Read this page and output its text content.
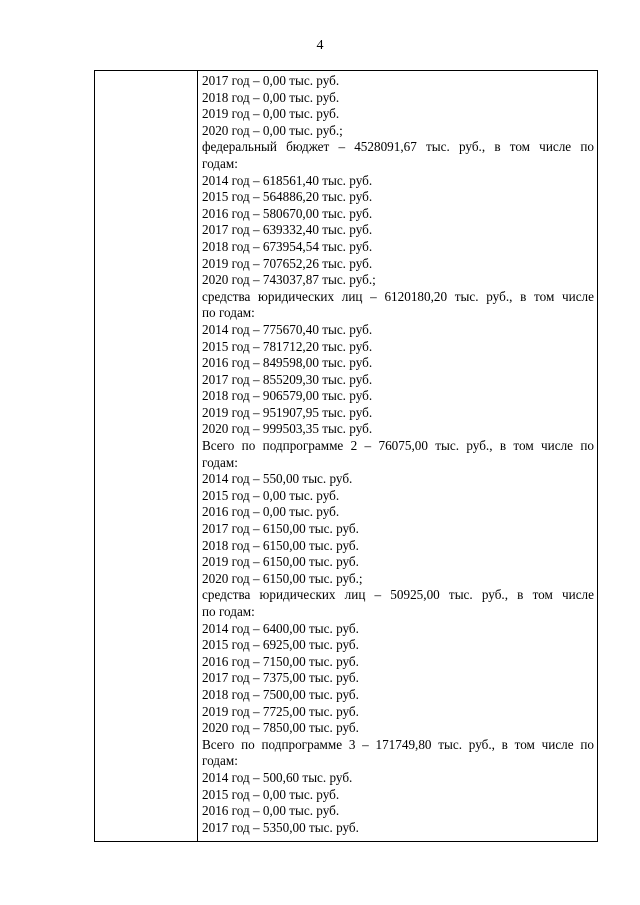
4
2017 год – 0,00 тыс. руб.
2018 год – 0,00 тыс. руб.
2019 год – 0,00 тыс. руб.
2020 год – 0,00 тыс. руб.;
федеральный бюджет – 4528091,67 тыс. руб., в том числе по
годам:
2014 год – 618561,40 тыс. руб.
2015 год – 564886,20 тыс. руб.
2016 год – 580670,00 тыс. руб.
2017 год – 639332,40 тыс. руб.
2018 год – 673954,54 тыс. руб.
2019 год – 707652,26 тыс. руб.
2020 год – 743037,87 тыс. руб.;
средства юридических лиц – 6120180,20 тыс. руб., в том числе
по годам:
2014 год – 775670,40 тыс. руб.
2015 год – 781712,20 тыс. руб.
2016 год – 849598,00 тыс. руб.
2017 год – 855209,30 тыс. руб.
2018 год – 906579,00 тыс. руб.
2019 год – 951907,95 тыс. руб.
2020 год – 999503,35 тыс. руб.
Всего по подпрограмме 2 – 76075,00 тыс. руб., в том числе по
годам:
2014 год – 550,00 тыс. руб.
2015 год – 0,00 тыс. руб.
2016 год – 0,00 тыс. руб.
2017 год – 6150,00 тыс. руб.
2018 год – 6150,00 тыс. руб.
2019 год – 6150,00 тыс. руб.
2020 год – 6150,00 тыс. руб.;
средства юридических лиц – 50925,00 тыс. руб., в том числе
по годам:
2014 год – 6400,00 тыс. руб.
2015 год – 6925,00 тыс. руб.
2016 год – 7150,00 тыс. руб.
2017 год – 7375,00 тыс. руб.
2018 год – 7500,00 тыс. руб.
2019 год – 7725,00 тыс. руб.
2020 год – 7850,00 тыс. руб.
Всего по подпрограмме 3 – 171749,80 тыс. руб., в том числе по
годам:
2014 год – 500,60 тыс. руб.
2015 год – 0,00 тыс. руб.
2016 год – 0,00 тыс. руб.
2017 год – 5350,00 тыс. руб.
